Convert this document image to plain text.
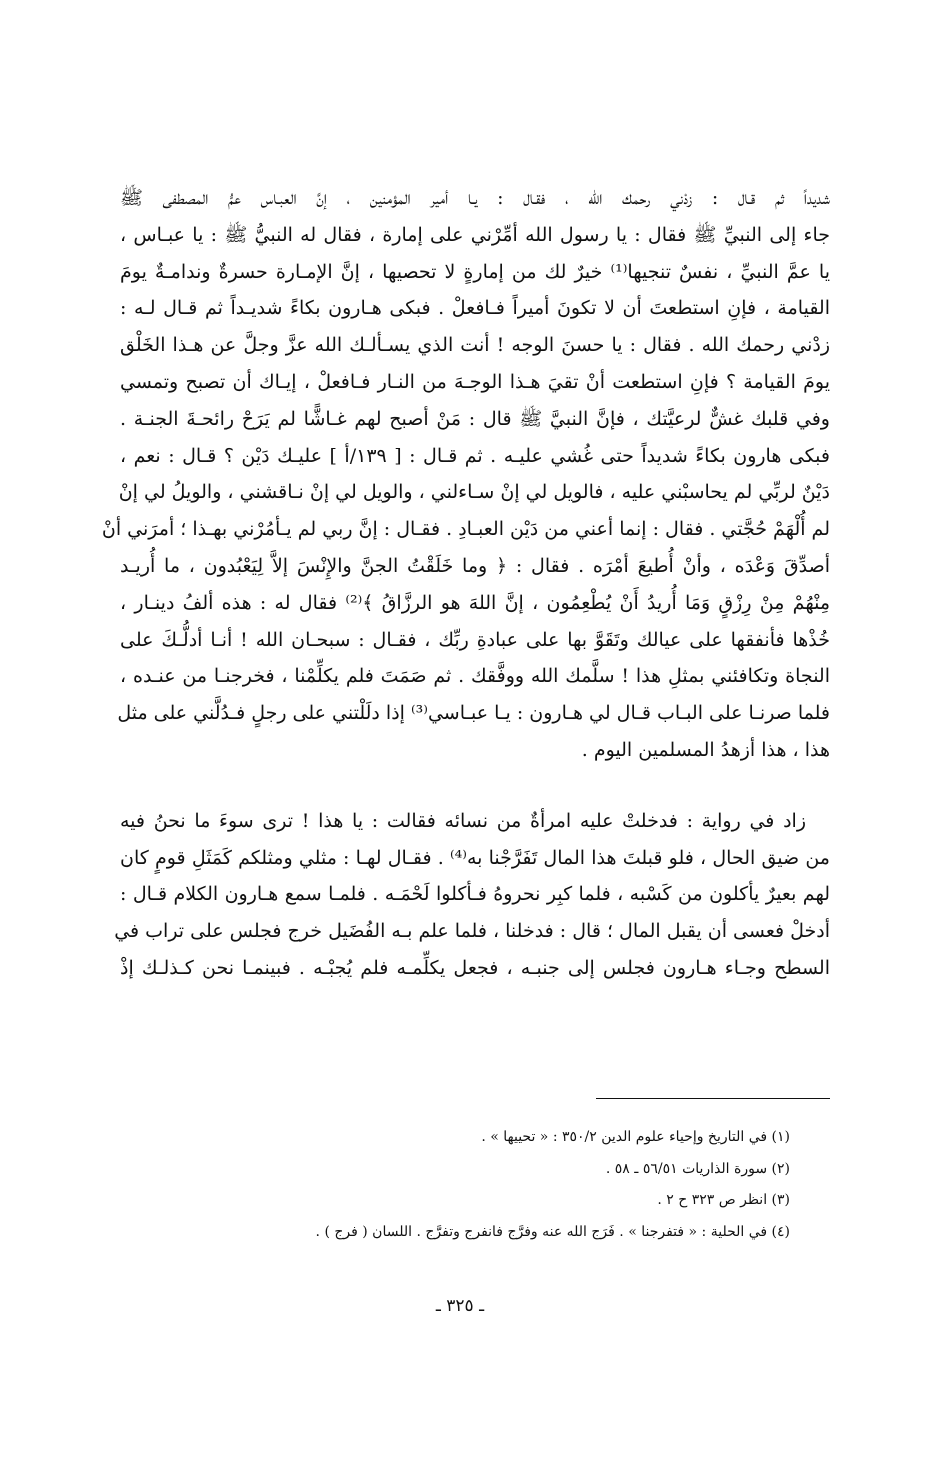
شديداً ثم قـال : زدْني رحمك الله ، فقـال : يـا أمير المؤمنين ، إنَّ العبـاس عمُّ المصطفى ﷺ
جاء إلى النبيِّ ﷺ فقال : يا رسول الله أمِّرْني على إمارة ، فقال له النبيُّ ﷺ : يا عبـاس ،
يا عمَّ النبيِّ ، نفسٌ تنجيها⁽¹⁾ خيرٌ لك من إمارةٍ لا تحصيها ، إنَّ الإمـارة حسرةٌ وندامـةٌ يومَ
القيامة ، فإنِ استطعتَ أن لا تكونَ أميراً فـافعلْ . فبكى هـارون بكاءً شديـداً ثم قـال لـه :
زدْني رحمك الله . فقال : يا حسنَ الوجه ! أنت الذي يسـألـك الله عزَّ وجلَّ عن هـذا الخَلْق
يومَ القيامة ؟ فإنِ استطعت أنْ تقيَ هـذا الوجـهَ من النـار فـافعلْ ، إيـاك أن تصبح وتمسي
وفي قلبك غشٌّ لرعيَّتك ، فإنَّ النبيَّ ﷺ قال : مَنْ أصبح لهم غـاشًّا لم يَرَحْ رائحـةَ الجنـة .
فبكى هارون بكاءً شديداً حتى غُشي عليـه . ثم قـال : [ ١٣٩/أ ] عليـك دَيْن ؟ قـال : نعم ،
دَيْنٌ لربِّي لم يحاسبْني عليه ، فالويل لي إنْ سـاءلني ، والويل لي إنْ نـاقشني ، والويلُ لي إنْ
لم أُلْهَمْ حُجَّتي . فقال : إنما أعني من دَيْن العبـادِ . فقـال : إنَّ ربي لم يـأمُرْني بهـذا ؛ أمرَني أنْ
أصدِّقَ وَعْدَه ، وأنْ أُطيعَ أمْرَه . فقال : ﴿ وما خَلَقْتُ الجنَّ والإِنْسَ إلاَّ لِيَعْبُدون ، ما أُريـد
مِنْهُمْ مِنْ رِزْقٍ وَمَا أُريدُ أَنْ يُطْعِمُون ، إنَّ اللهَ هو الرزَّاقُ ﴾⁽²⁾ فقال له : هذه ألفُ دينـار ،
خُذْها فأنفقها على عيالك وتَقَوَّ بها على عبادةِ ربِّك ، فقـال : سبحـان الله ! أنـا أدلُّـكَ على
النجاة وتكافئني بمثلِ هذا ! سلَّمك الله ووفَّقك . ثم صَمَتَ فلم يكلِّمْنا ، فخرجنـا من عنـده ،
فلما صرنـا على البـاب قـال لي هـارون : يـا عبـاسي⁽³⁾ إذا دلَلْتني على رجلٍ فـدُلَّني على مثل
هذا ، هذا أزهدُ المسلمين اليوم .
زاد في رواية : فدخلتْ عليه امرأةٌ من نسائه فقالت : يا هذا ! ترى سوءَ ما نحنُ فيه
من ضيق الحال ، فلو قبلتَ هذا المال تَفَرَّجْنا به⁽⁴⁾ . فقـال لهـا : مثلي ومثلكم كَمَثَلِ قومٍ كان
لهم بعيرٌ يأكلون من كَسْبه ، فلما كبِر نحروهُ فـأكلوا لَحْمَـه . فلمـا سمع هـارون الكلام قـال :
أدخلْ فعسى أن يقبل المال ؛ قال : فدخلنا ، فلما علم بـه الفُضَيل خرج فجلس على تراب في
السطح وجـاء هـارون فجلس إلى جنبـه ، فجعل يكلِّمـه فلم يُجبْـه . فبينمـا نحن كـذلـك إذْ
(١) في التاريخ وإحياء علوم الدين ٣٥٠/٢ : « تحييها » .
(٢) سورة الذاريات ٥٦/٥١ ـ ٥٨ .
(٣) انظر ص ٣٢٣ ح ٢ .
(٤) في الحلية : « فتفرجنا » . فَرَج الله عنه وفرَّج فانفرج وتفرَّج . اللسان ( فرج ) .
ـ ٣٢٥ ـ
